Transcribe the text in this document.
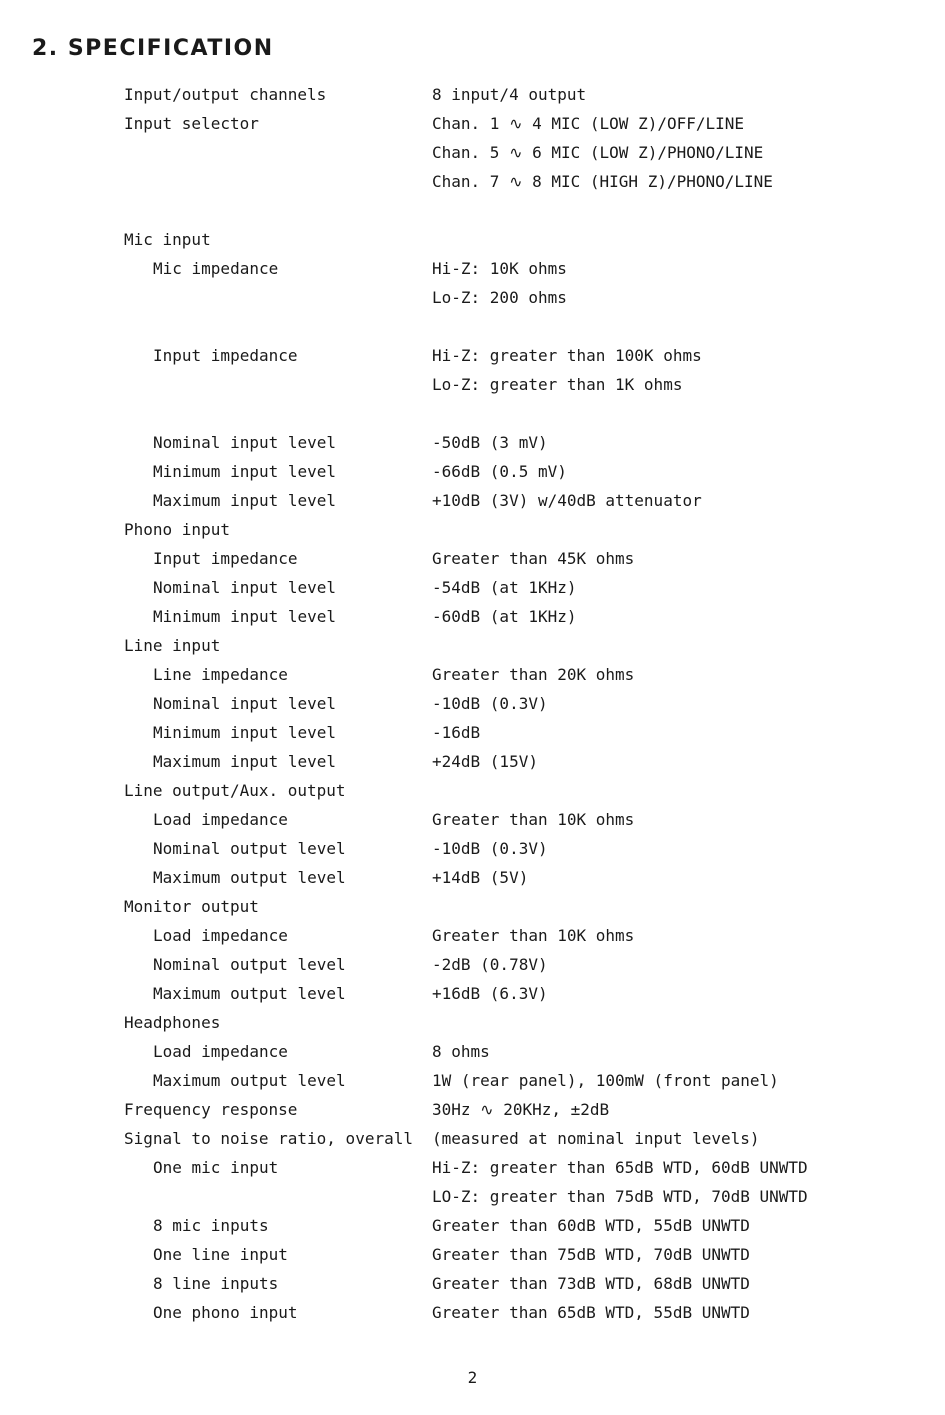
2. SPECIFICATION
Input/output channels	8 input/4 output
Input selector	Chan. 1 ∿ 4 MIC (LOW Z)/OFF/LINE
Chan. 5 ∿ 6 MIC (LOW Z)/PHONO/LINE
Chan. 7 ∿ 8 MIC (HIGH Z)/PHONO/LINE
Mic input
Mic impedance	Hi-Z: 10K ohms
Lo-Z: 200 ohms
Input impedance	Hi-Z: greater than 100K ohms
Lo-Z: greater than 1K ohms
Nominal input level	-50dB (3 mV)
Minimum input level	-66dB (0.5 mV)
Maximum input level	+10dB (3V) w/40dB attenuator
Phono input
Input impedance	Greater than 45K ohms
Nominal input level	-54dB (at 1KHz)
Minimum input level	-60dB (at 1KHz)
Line input
Line impedance	Greater than 20K ohms
Nominal input level	-10dB (0.3V)
Minimum input level	-16dB
Maximum input level	+24dB (15V)
Line output/Aux. output
Load impedance	Greater than 10K ohms
Nominal output level	-10dB (0.3V)
Maximum output level	+14dB (5V)
Monitor output
Load impedance	Greater than 10K ohms
Nominal output level	-2dB (0.78V)
Maximum output level	+16dB (6.3V)
Headphones
Load impedance	8 ohms
Maximum output level	1W (rear panel), 100mW (front panel)
Frequency response	30Hz ∿ 20KHz, ±2dB
Signal to noise ratio, overall (measured at nominal input levels)
One mic input	Hi-Z: greater than 65dB WTD, 60dB UNWTD
LO-Z: greater than 75dB WTD, 70dB UNWTD
8 mic inputs	Greater than 60dB WTD, 55dB UNWTD
One line input	Greater than 75dB WTD, 70dB UNWTD
8 line inputs	Greater than 73dB WTD, 68dB UNWTD
One phono input	Greater than 65dB WTD, 55dB UNWTD
2
